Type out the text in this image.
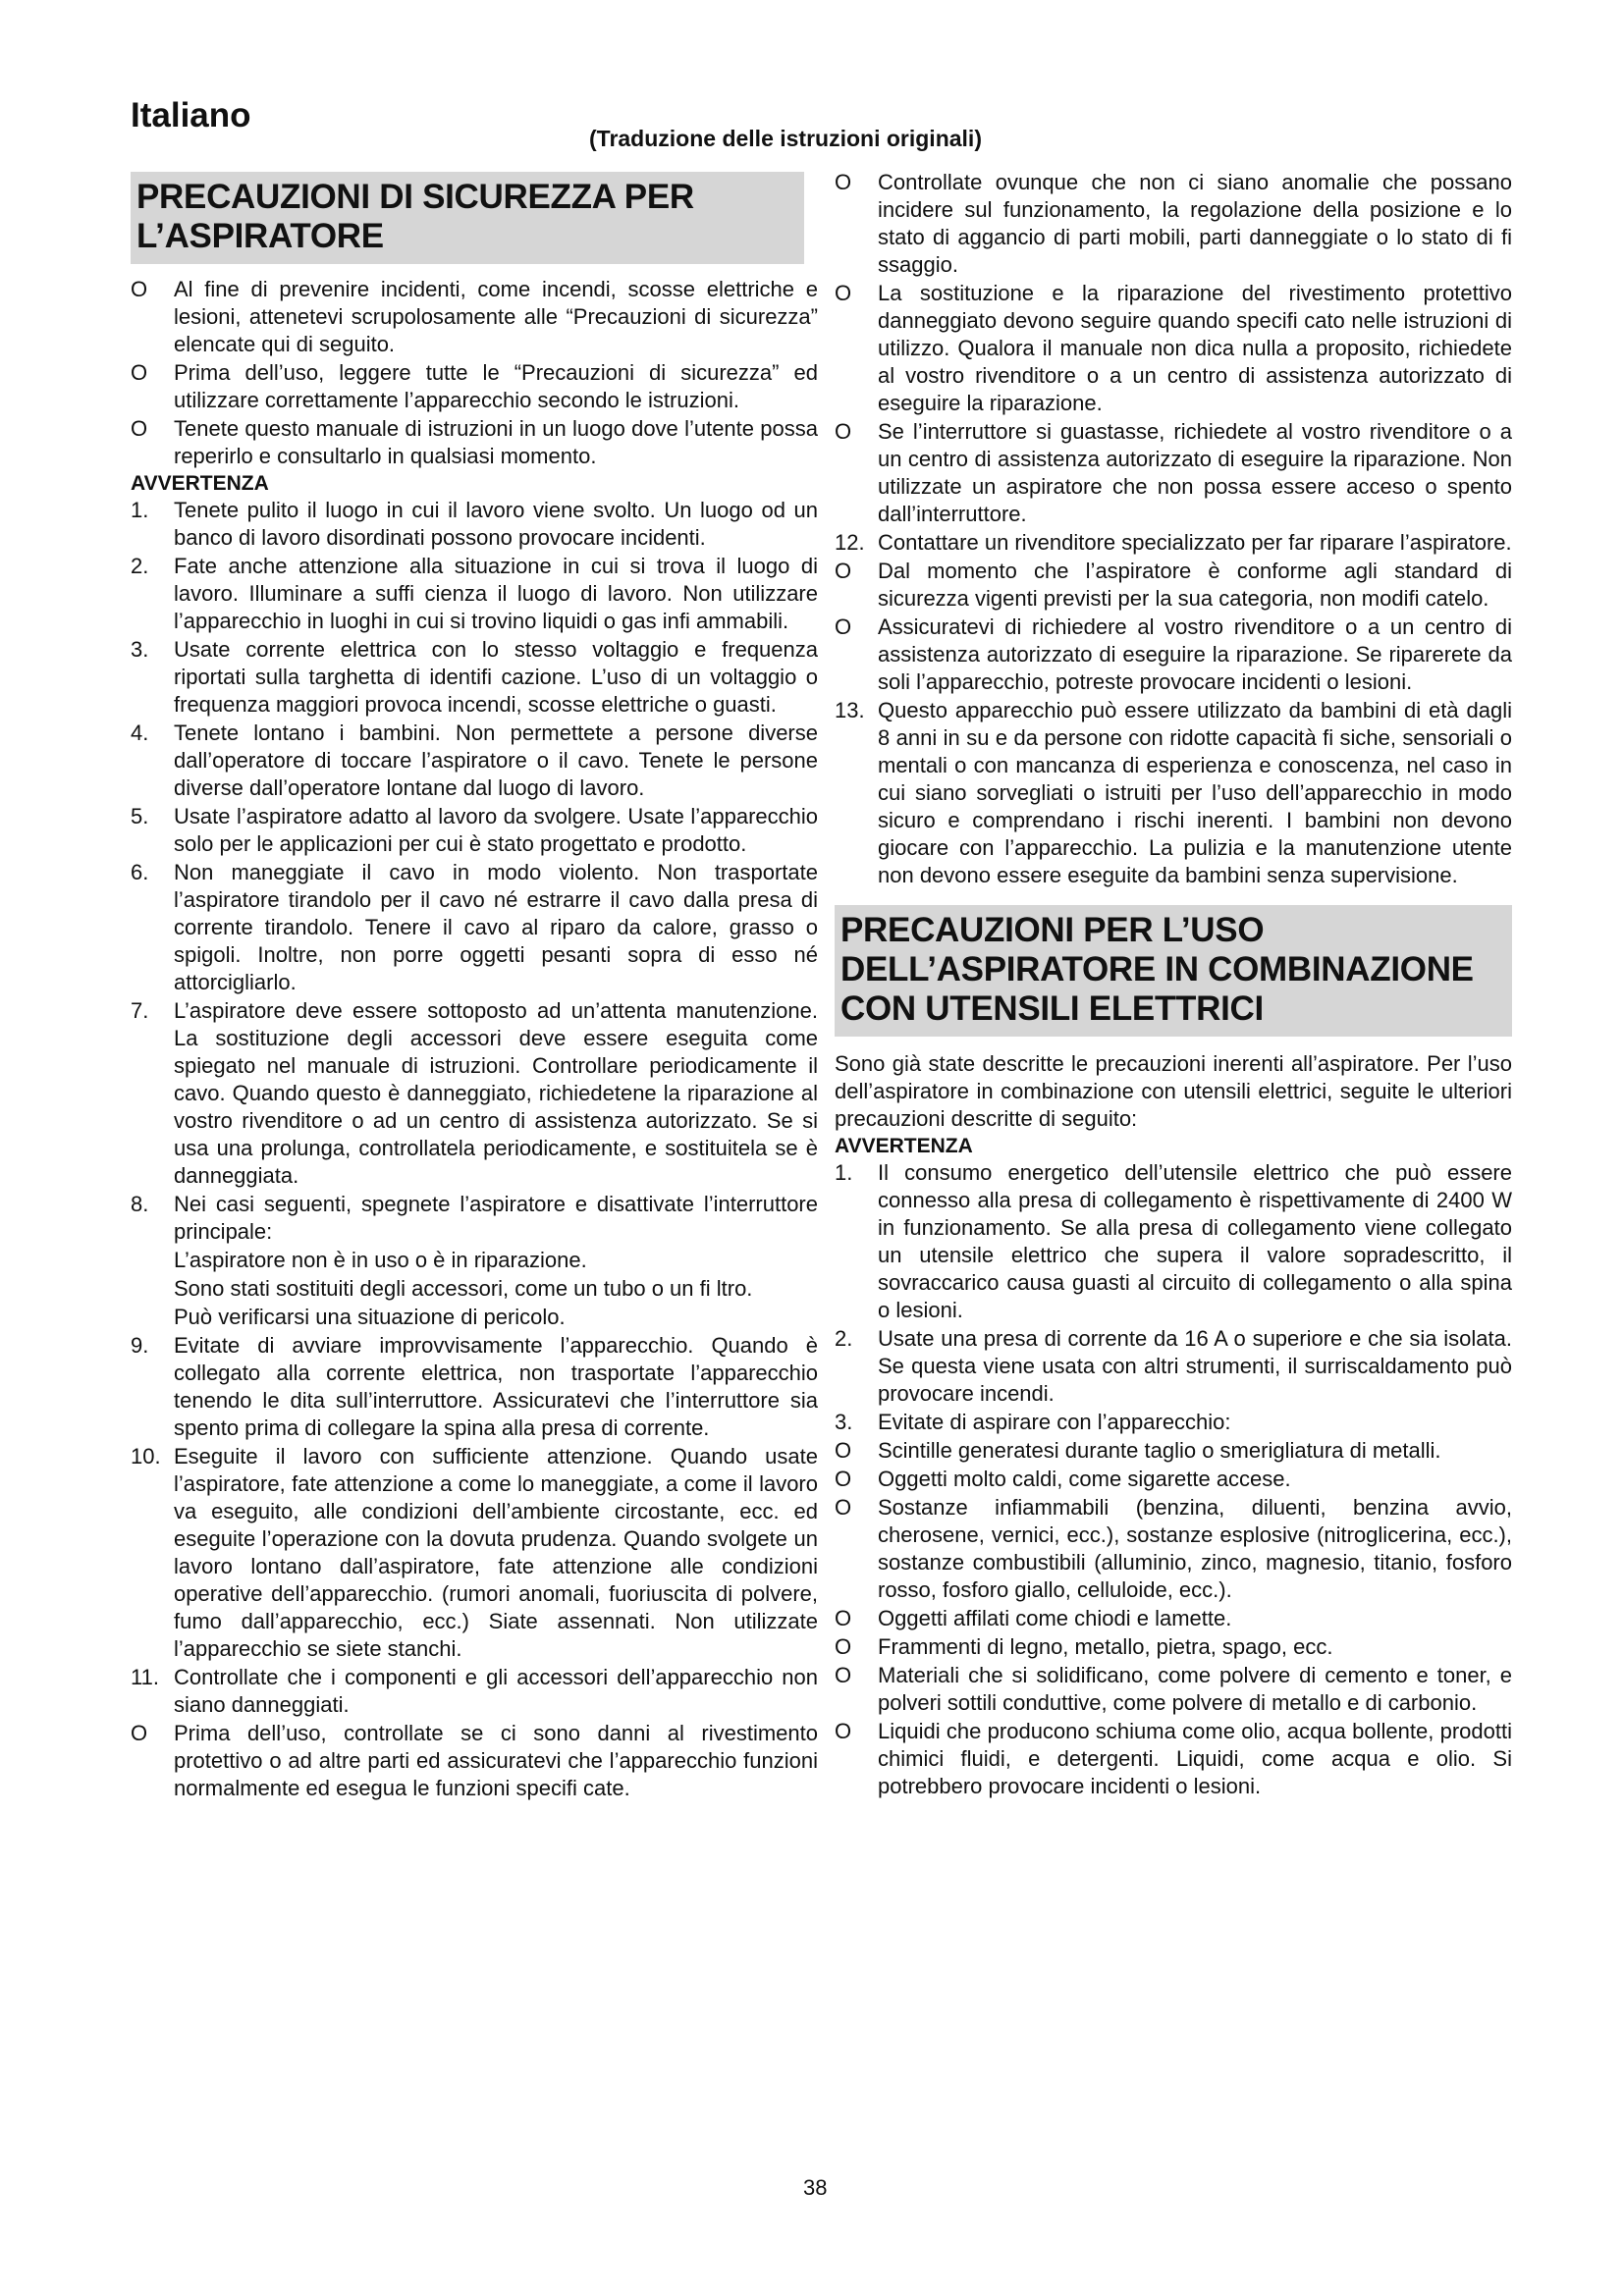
Italiano
(Traduzione delle istruzioni originali)
PRECAUZIONI DI SICUREZZA PER L’ASPIRATORE
O	Al fine di prevenire incidenti, come incendi, scosse elettriche e lesioni, attenetevi scrupolosamente alle “Precauzioni di sicurezza” elencate qui di seguito.
O	Prima dell’uso, leggere tutte le “Precauzioni di sicurezza” ed utilizzare correttamente l’apparecchio secondo le istruzioni.
O	Tenete questo manuale di istruzioni in un luogo dove l’utente possa reperirlo e consultarlo in qualsiasi momento.
AVVERTENZA
1.	Tenete pulito il luogo in cui il lavoro viene svolto. Un luogo od un banco di lavoro disordinati possono provocare incidenti.
2.	Fate anche attenzione alla situazione in cui si trova il luogo di lavoro. Illuminare a suffi cienza il luogo di lavoro. Non utilizzare l’apparecchio in luoghi in cui si trovino liquidi o gas infi ammabili.
3.	Usate corrente elettrica con lo stesso voltaggio e frequenza riportati sulla targhetta di identifi cazione. L’uso di un voltaggio o frequenza maggiori provoca incendi, scosse elettriche o guasti.
4.	Tenete lontano i bambini. Non permettete a persone diverse dall’operatore di toccare l’aspiratore o il cavo. Tenete le persone diverse dall’operatore lontane dal luogo di lavoro.
5.	Usate l’aspiratore adatto al lavoro da svolgere. Usate l’apparecchio solo per le applicazioni per cui è stato progettato e prodotto.
6.	Non maneggiate il cavo in modo violento. Non trasportate l’aspiratore tirandolo per il cavo né estrarre il cavo dalla presa di corrente tirandolo. Tenere il cavo al riparo da calore, grasso o spigoli. Inoltre, non porre oggetti pesanti sopra di esso né attorcigliarlo.
7.	L’aspiratore deve essere sottoposto ad un’attenta manutenzione. La sostituzione degli accessori deve essere eseguita come spiegato nel manuale di istruzioni. Controllare periodicamente il cavo. Quando questo è danneggiato, richiedetene la riparazione al vostro rivenditore o ad un centro di assistenza autorizzato. Se si usa una prolunga, controllatela periodicamente, e sostituitela se è danneggiata.
8.	Nei casi seguenti, spegnete l’aspiratore e disattivate l’interruttore principale:
L’aspiratore non è in uso o è in riparazione.
Sono stati sostituiti degli accessori, come un tubo o un fi ltro.
Può verificarsi una situazione di pericolo.
9.	Evitate di avviare improvvisamente l’apparecchio. Quando è collegato alla corrente elettrica, non trasportate l’apparecchio tenendo le dita sull’interruttore. Assicuratevi che l’interruttore sia spento prima di collegare la spina alla presa di corrente.
10. Eseguite il lavoro con sufficiente attenzione. Quando usate l’aspiratore, fate attenzione a come lo maneggiate, a come il lavoro va eseguito, alle condizioni dell’ambiente circostante, ecc. ed eseguite l’operazione con la dovuta prudenza. Quando svolgete un lavoro lontano dall’aspiratore, fate attenzione alle condizioni operative dell’apparecchio. (rumori anomali, fuoriuscita di polvere, fumo dall’apparecchio, ecc.) Siate assennati. Non utilizzate l’apparecchio se siete stanchi.
11. Controllate che i componenti e gli accessori dell’apparecchio non siano danneggiati.
O	Prima dell’uso, controllate se ci sono danni al rivestimento protettivo o ad altre parti ed assicuratevi che l’apparecchio funzioni normalmente ed esegua le funzioni specifi cate.
O	Controllate ovunque che non ci siano anomalie che possano incidere sul funzionamento, la regolazione della posizione e lo stato di aggancio di parti mobili, parti danneggiate o lo stato di fi ssaggio.
O	La sostituzione e la riparazione del rivestimento protettivo danneggiato devono seguire quando specifi cato nelle istruzioni di utilizzo. Qualora il manuale non dica nulla a proposito, richiedete al vostro rivenditore o a un centro di assistenza autorizzato di eseguire la riparazione.
O	Se l’interruttore si guastasse, richiedete al vostro rivenditore o a un centro di assistenza autorizzato di eseguire la riparazione. Non utilizzate un aspiratore che non possa essere acceso o spento dall’interruttore.
12. Contattare un rivenditore specializzato per far riparare l’aspiratore.
O	Dal momento che l’aspiratore è conforme agli standard di sicurezza vigenti previsti per la sua categoria, non modifi catelo.
O	Assicuratevi di richiedere al vostro rivenditore o a un centro di assistenza autorizzato di eseguire la riparazione. Se riparerete da soli l’apparecchio, potreste provocare incidenti o lesioni.
13. Questo apparecchio può essere utilizzato da bambini di età dagli 8 anni in su e da persone con ridotte capacità fi siche, sensoriali o mentali o con mancanza di esperienza e conoscenza, nel caso in cui siano sorvegliati o istruiti per l’uso dell’apparecchio in modo sicuro e comprendano i rischi inerenti. I bambini non devono giocare con l’apparecchio. La pulizia e la manutenzione utente non devono essere eseguite da bambini senza supervisione.
PRECAUZIONI PER L’USO DELL’ASPIRATORE IN COMBINAZIONE CON UTENSILI ELETTRICI
Sono già state descritte le precauzioni inerenti all’aspiratore. Per l’uso dell’aspiratore in combinazione con utensili elettrici, seguite le ulteriori precauzioni descritte di seguito:
AVVERTENZA
1.	Il consumo energetico dell’utensile elettrico che può essere connesso alla presa di collegamento è rispettivamente di 2400 W in funzionamento. Se alla presa di collegamento viene collegato un utensile elettrico che supera il valore sopradescritto, il sovraccarico causa guasti al circuito di collegamento o alla spina o lesioni.
2.	Usate una presa di corrente da 16 A o superiore e che sia isolata. Se questa viene usata con altri strumenti, il surriscaldamento può provocare incendi.
3.	Evitate di aspirare con l’apparecchio:
O	Scintille generatesi durante taglio o smerigliatura di metalli.
O	Oggetti molto caldi, come sigarette accese.
O	Sostanze infiammabili (benzina, diluenti, benzina avvio, cherosene, vernici, ecc.), sostanze esplosive (nitroglicerina, ecc.), sostanze combustibili (alluminio, zinco, magnesio, titanio, fosforo rosso, fosforo giallo, celluloide, ecc.).
O	Oggetti affilati come chiodi e lamette.
O	Frammenti di legno, metallo, pietra, spago, ecc.
O	Materiali che si solidificano, come polvere di cemento e toner, e polveri sottili conduttive, come polvere di metallo e di carbonio.
O	Liquidi che producono schiuma come olio, acqua bollente, prodotti chimici fluidi, e detergenti. Liquidi, come acqua e olio. Si potrebbero provocare incidenti o lesioni.
38
